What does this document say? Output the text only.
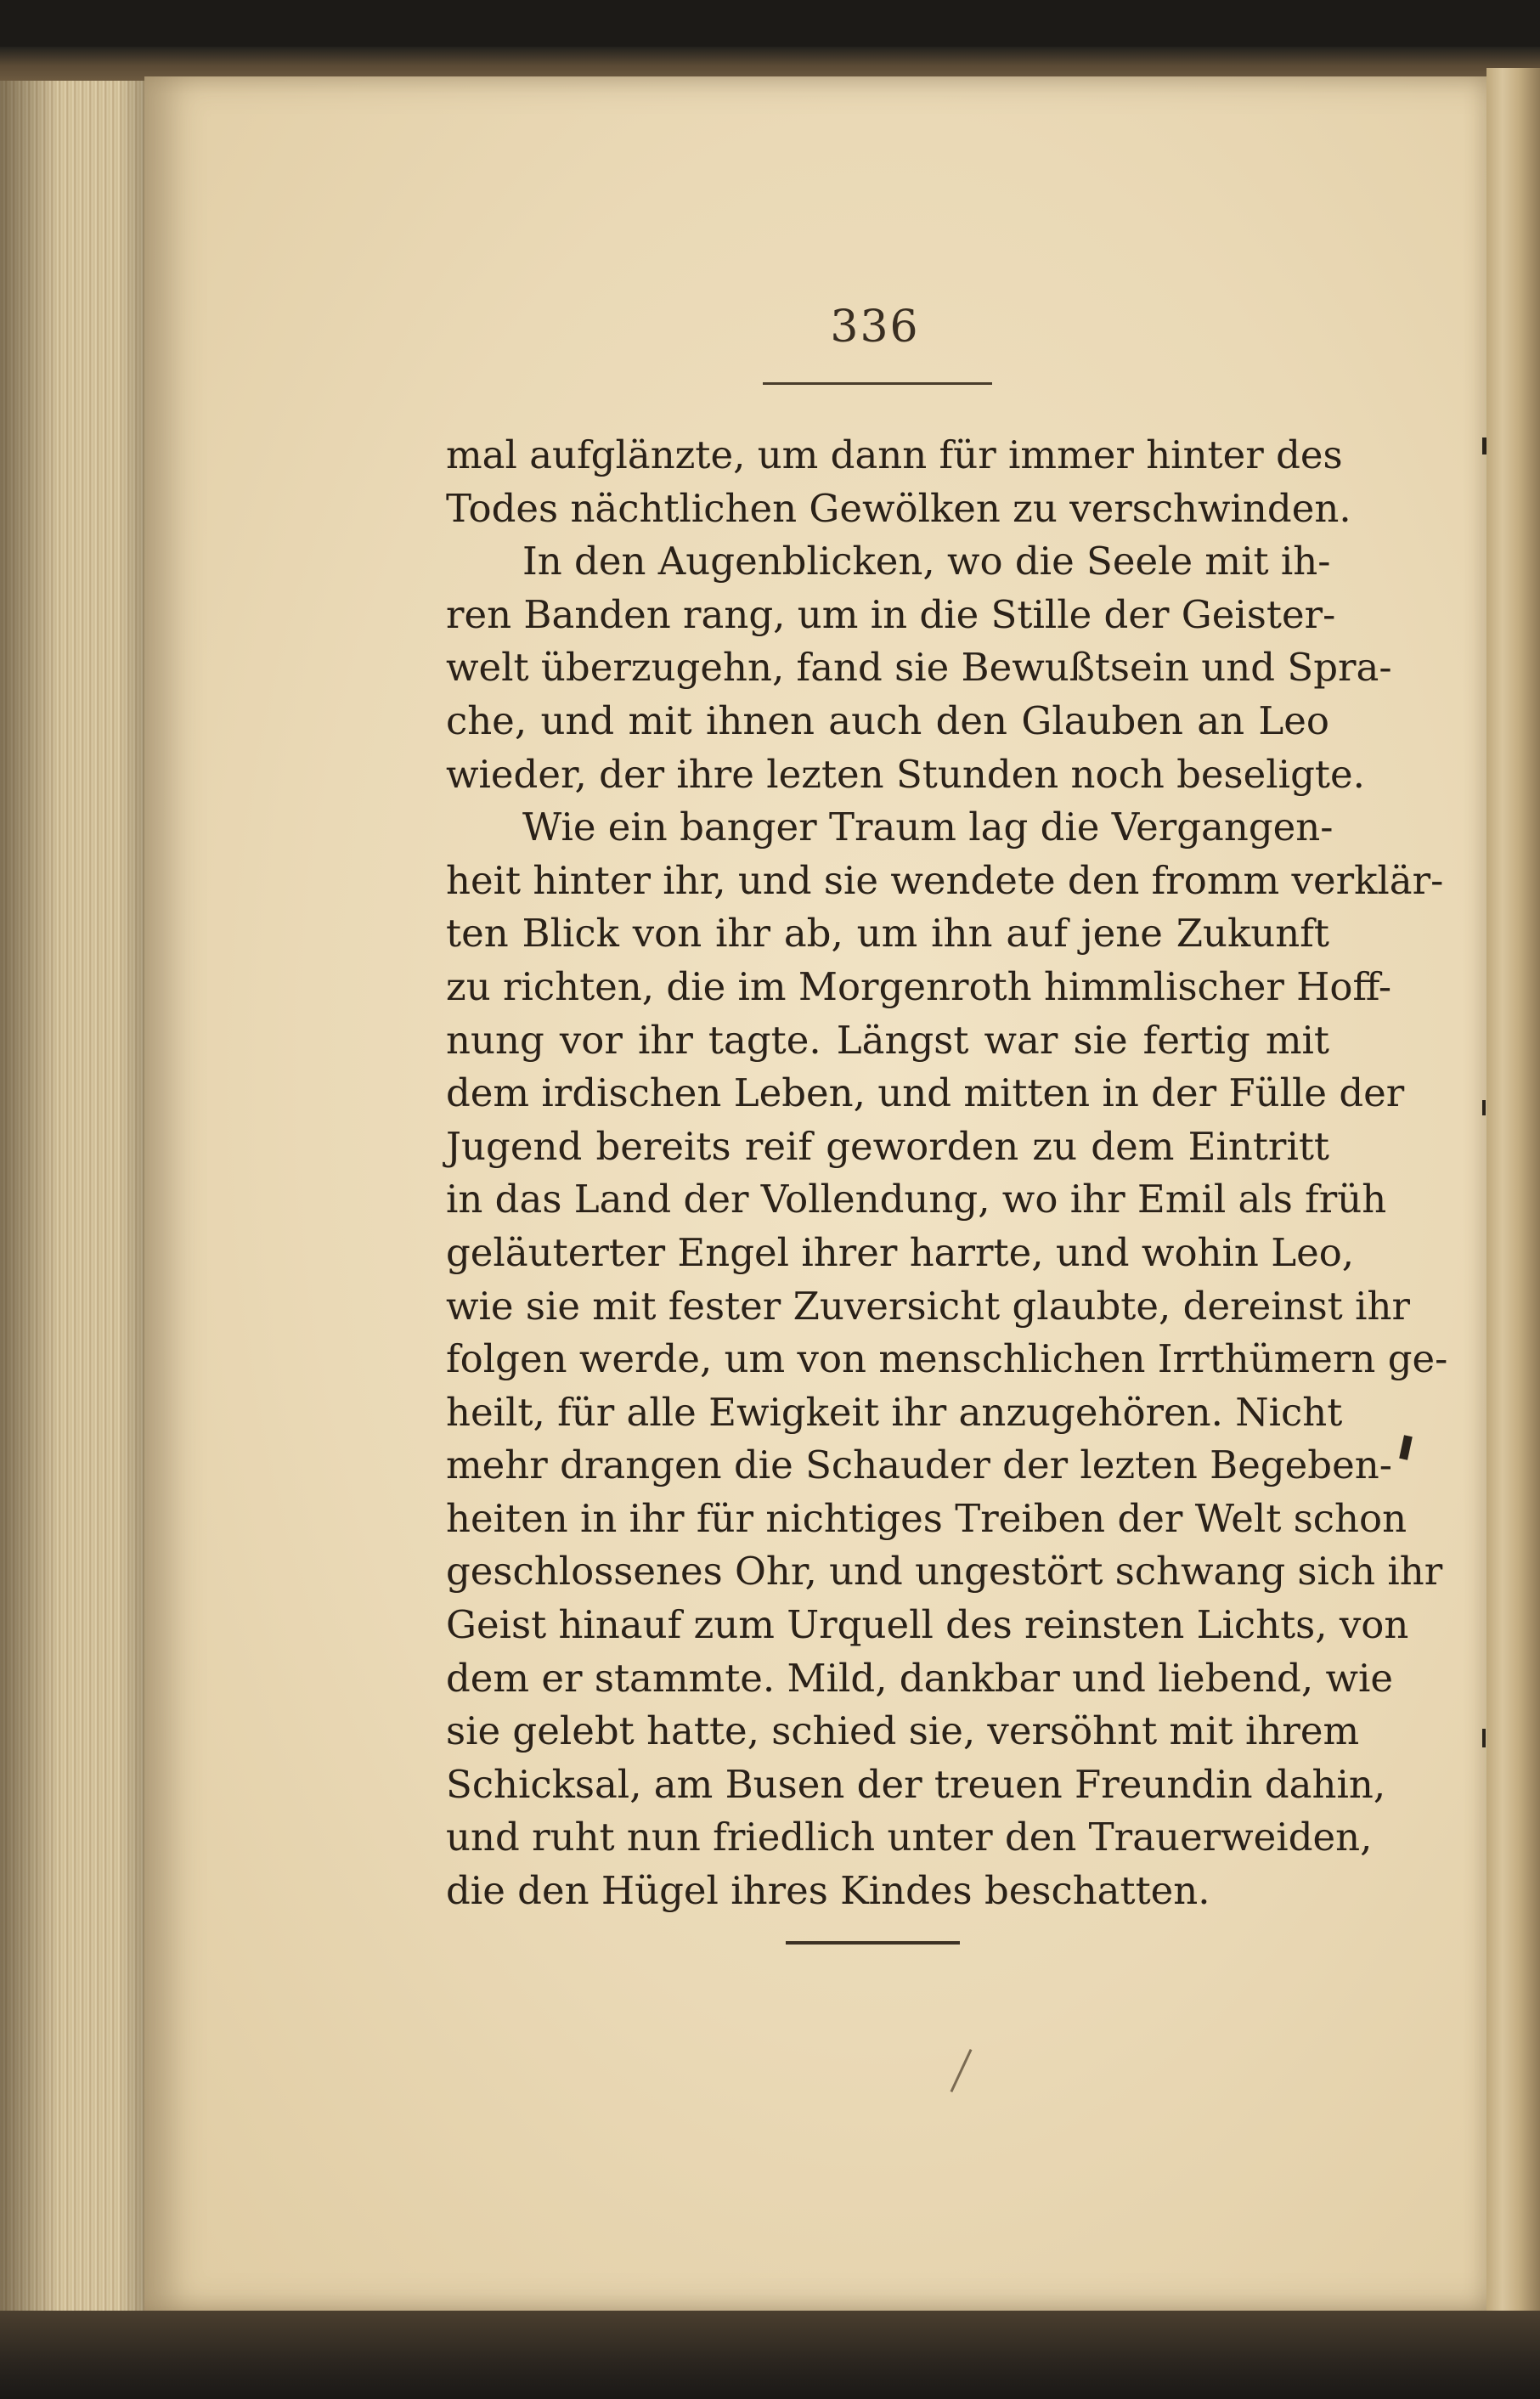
336
mal aufglänzte, um dann für immer hinter des
Todes nächtlichen Gewölken zu verschwinden.
In den Augenblicken, wo die Seele mit ih-
ren Banden rang, um in die Stille der Geister-
welt überzugehn, fand sie Bewußtsein und Spra-
che, und mit ihnen auch den Glauben an Leo
wieder, der ihre lezten Stunden noch beseligte.
Wie ein banger Traum lag die Vergangen-
heit hinter ihr, und sie wendete den fromm verklär-
ten Blick von ihr ab, um ihn auf jene Zukunft
zu richten, die im Morgenroth himmlischer Hoff-
nung vor ihr tagte. Längst war sie fertig mit
dem irdischen Leben, und mitten in der Fülle der
Jugend bereits reif geworden zu dem Eintritt
in das Land der Vollendung, wo ihr Emil als früh
geläuterter Engel ihrer harrte, und wohin Leo,
wie sie mit fester Zuversicht glaubte, dereinst ihr
folgen werde, um von menschlichen Irrthümern ge-
heilt, für alle Ewigkeit ihr anzugehören. Nicht
mehr drangen die Schauder der lezten Begeben-
heiten in ihr für nichtiges Treiben der Welt schon
geschlossenes Ohr, und ungestört schwang sich ihr
Geist hinauf zum Urquell des reinsten Lichts, von
dem er stammte. Mild, dankbar und liebend, wie
sie gelebt hatte, schied sie, versöhnt mit ihrem
Schicksal, am Busen der treuen Freundin dahin,
und ruht nun friedlich unter den Trauerweiden,
die den Hügel ihres Kindes beschatten.
